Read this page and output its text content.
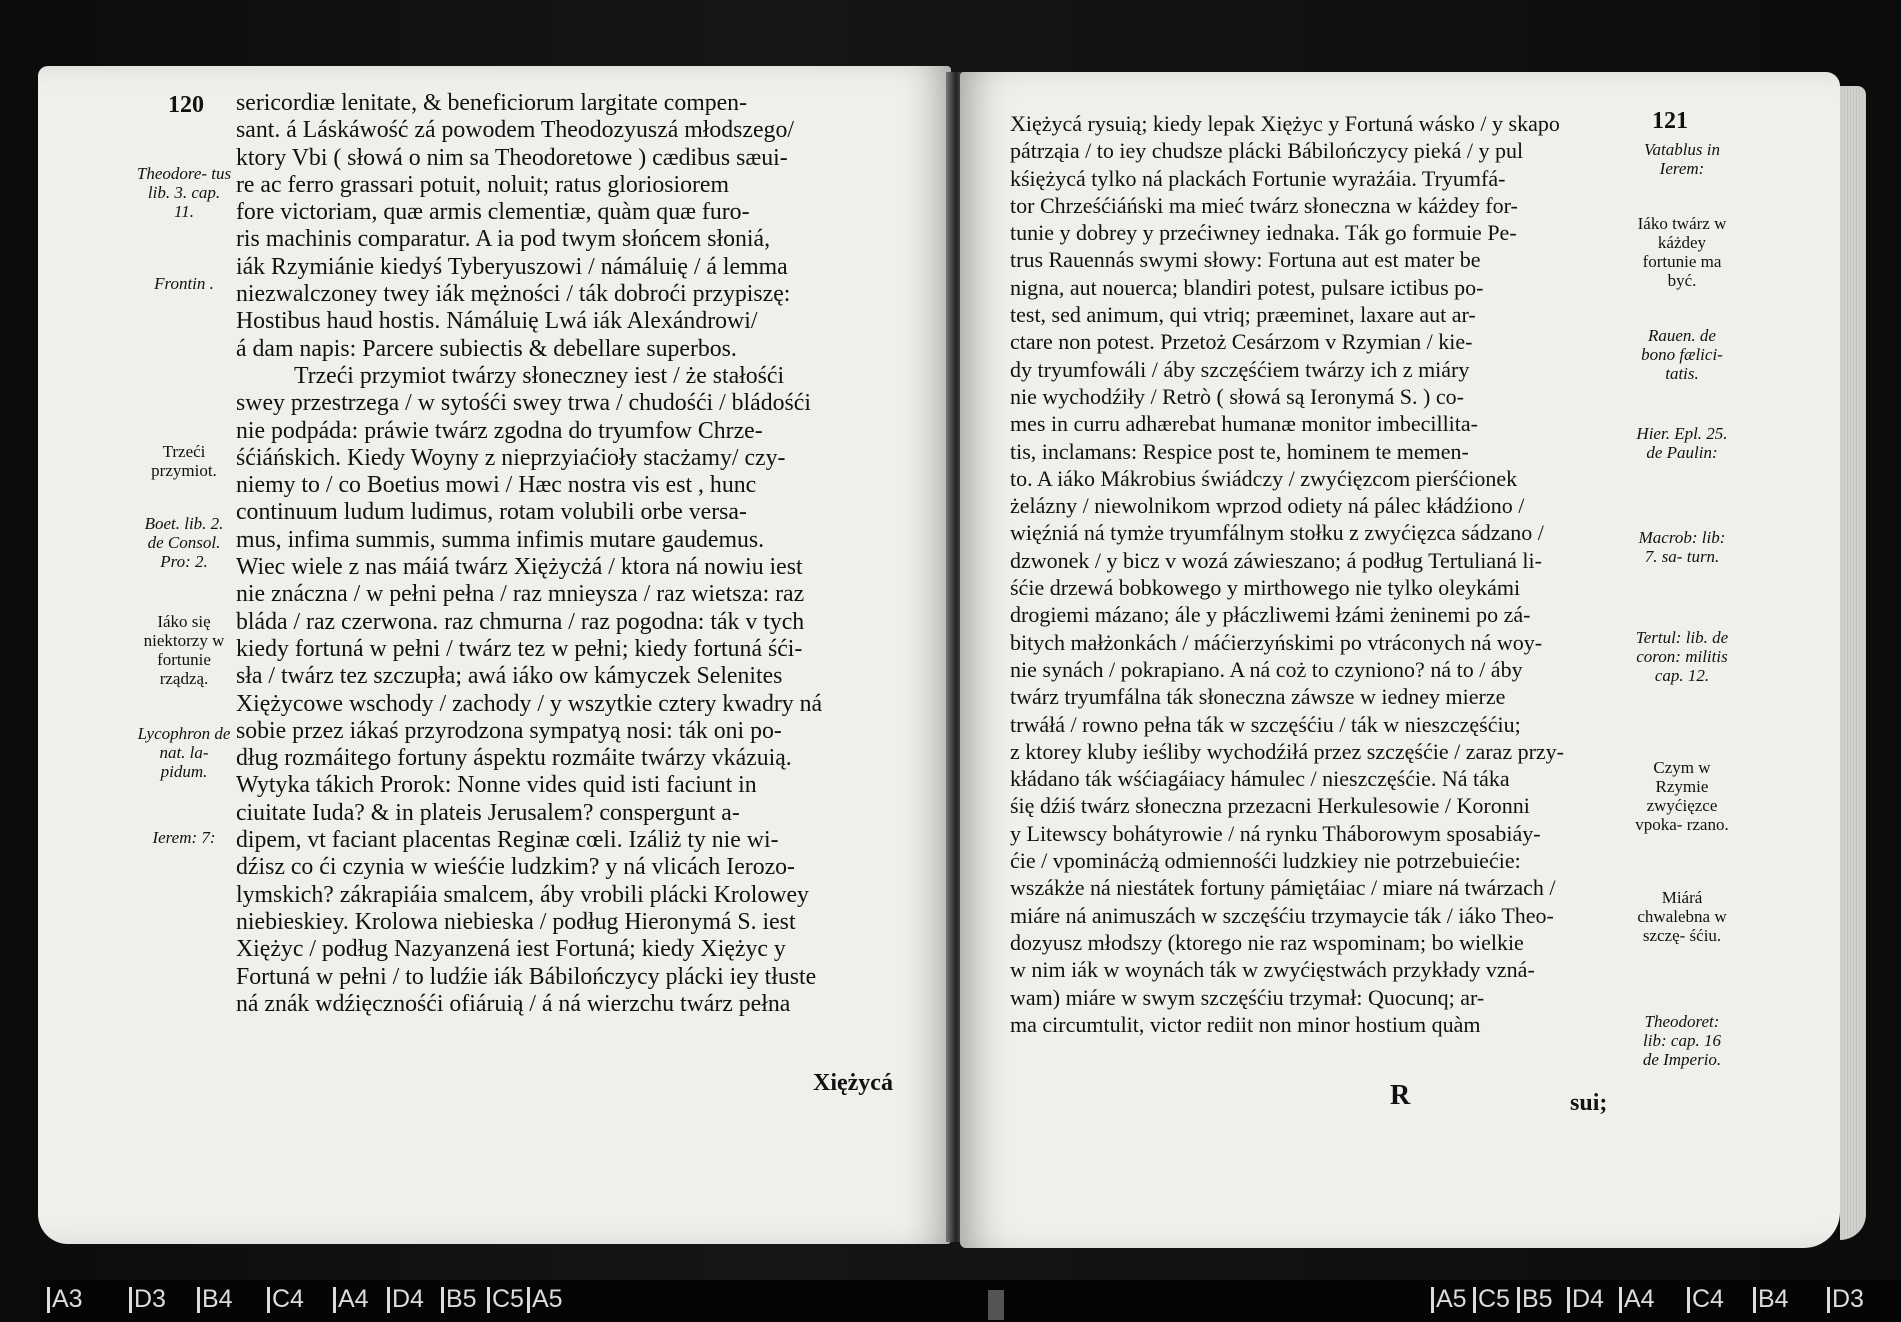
120 sericordiæ lenitate, & beneficiorum largitate compen-
sant. á Láskáwość zá powodem Theodozyuszá młodszego/
ktory Vbi ( słowá o nim sa Theodoretowe ) cædibus sæui-
re ac ferro grassari potuit, noluit; ratus gloriosiorem
fore victoriam, quæ armis clementiæ, quàm quæ furo-
ris machinis comparatur. A ia pod twym słońcem słoniá,
iák Rzymiánie kiedyś Tyberyuszowi / námáluię / á lemma
niezwalczoney twey iák mężności / ták dobroći przypiszę:
Hostibus haud hostis. Námáluię Lwá iák Alexándrowi/
á dam napis: Parcere subiectis & debellare superbos.
Trzeći przymiot twárzy słoneczney iest / że stałośći
swey przestrzega / w sytośći swey trwa / chudośći / bládośći
nie podpáda: práwie twárz zgodna do tryumfow Chrze-
śćiáńskich. Kiedy Woyny z nieprzyiaćioły stacżamy/ czy-
niemy to / co Boetius mowi / Hæc nostra vis est , hunc
continuum ludum ludimus, rotam volubili orbe versa-
mus, infima summis, summa infimis mutare gaudemus.
Wiec wiele z nas máiá twárz Xiężycżá / ktora ná nowiu iest
nie znáczna / w pełni pełna / raz mnieysza / raz wietsza: raz
bláda / raz czerwona. raz chmurna / raz pogodna: ták v tych
kiedy fortuná w pełni / twárz tez w pełni; kiedy fortuná śći-
sła / twárz tez szczupła; awá iáko ow kámyczek Selenites
Xiężycowe wschody / zachody / y wszytkie cztery kwadry ná
sobie przez iákaś przyrodzona sympatyą nosi: ták oni po-
dług rozmáitego fortuny áspektu rozmáite twárzy vkázuią.
Wytyka tákich Prorok: Nonne vides quid isti faciunt in
ciuitate Iuda? & in plateis Jerusalem? conspergunt a-
dipem, vt faciant placentas Reginæ cœli. Izáliż ty nie wi-
dźisz co ći czynia w wieśćie ludzkim? y ná vlicách Ierozo-
lymskich? zákrapiáia smalcem, áby vrobili plácki Krolowey
niebieskiey. Krolowa niebieska / podług Hieronymá S. iest
Xiężyc / podług Nazyanzená iest Fortuná; kiedy Xiężyc y
Fortuná w pełni / to ludźie iák Bábilończycy plácki iey tłuste
ná znák wdźięcznośći ofiáruią / á ná wierzchu twárz pełna
Xiężycá
Theodore- tus lib. 3. cap. 11.
Frontin .
Trzeći przymiot.
Boet. lib. 2. de Consol. Pro: 2.
Iáko się niektorzy w fortunie rządzą.
Lycophron de nat. la- pidum.
Ierem: 7:
Xiężycá rysuią; kiedy lepak Xiężyc y Fortuná wásko / y skapo
pátrząia / to iey chudsze plácki Bábilończycy pieká / y pul
kśiężycá tylko ná plackách Fortunie wyrażáia. Tryumfá-
tor Chrześćiáński ma mieć twárz słoneczna w káżdey for-
tunie y dobrey y przećiwney iednaka. Ták go formuie Pe-
trus Rauennás swymi słowy: Fortuna aut est mater be
nigna, aut nouerca; blandiri potest, pulsare ictibus po-
test, sed animum, qui vtriq; præeminet, laxare aut ar-
ctare non potest. Przetoż Cesárzom v Rzymian / kie-
dy tryumfowáli / áby szczęśćiem twárzy ich z miáry
nie wychodźiły / Retrò ( słowá są Ieronymá S. ) co-
mes in curru adhærebat humanæ monitor imbecillita-
tis, inclamans: Respice post te, hominem te memen-
to. A iáko Mákrobius świádczy / zwyćięzcom pierśćionek
żelázny / niewolnikom wprzod odiety ná pálec kłádźiono /
więźniá ná tymże tryumfálnym stołku z zwyćięzca sádzano /
dzwonek / y bicz v wozá záwieszano; á podług Tertulianá li-
śćie drzewá bobkowego y mirthowego nie tylko oleykámi
drogiemi mázano; ále y płáczliwemi łzámi żeninemi po zá-
bitych małżonkách / máćierzyńskimi po vtráconych ná woy-
nie synách / pokrapiano. A ná coż to czyniono? ná to / áby
twárz tryumfálna ták słoneczna záwsze w iedney mierze
trwáłá / rowno pełna ták w szczęśćiu / ták w nieszczęśćiu;
z ktorey kluby ieśliby wychodźiłá przez szczęśćie / zaraz przy-
kłádano ták wśćiagáiacy hámulec / nieszczęśćie. Ná táka
śię dźiś twárz słoneczna przezacni Herkulesowie / Koronni
y Litewscy bohátyrowie / ná rynku Tháborowym sposabiáy-
ćie / vpominácżą odmiennośći ludzkiey nie potrzebuiećie:
wszákże ná niestátek fortuny pámiętáiac / miare ná twárzach /
miáre ná animuszách w szczęśćiu trzymaycie ták / iáko Theo-
dozyusz młodszy (ktorego nie raz wspominam; bo wielkie
w nim iák w woynách ták w zwyćięstwách przykłady vzná-
wam) miáre w swym szczęśćiu trzymał: Quocunq; ar-
ma circumtulit, victor rediit non minor hostium quàm
121
R	sui;
Vatablus in Ierem:
Iáko twárz w káżdey fortunie ma być.
Rauen. de bono fælici- tatis.
Hier. Epl. 25. de Paulin:
Macrob: lib: 7. sa- turn.
Tertul: lib. de coron: militis cap. 12.
Czym w Rzymie zwyćięzce vpoka- rzano.
Miárá chwalebna w szczę- śćiu.
Theodoret: lib: cap. 16 de Imperio.
A3 D3 B4 C4 A4 D4 B5 C5 A5	A5 C5 B5 D4 A4 C4 B4 D3
